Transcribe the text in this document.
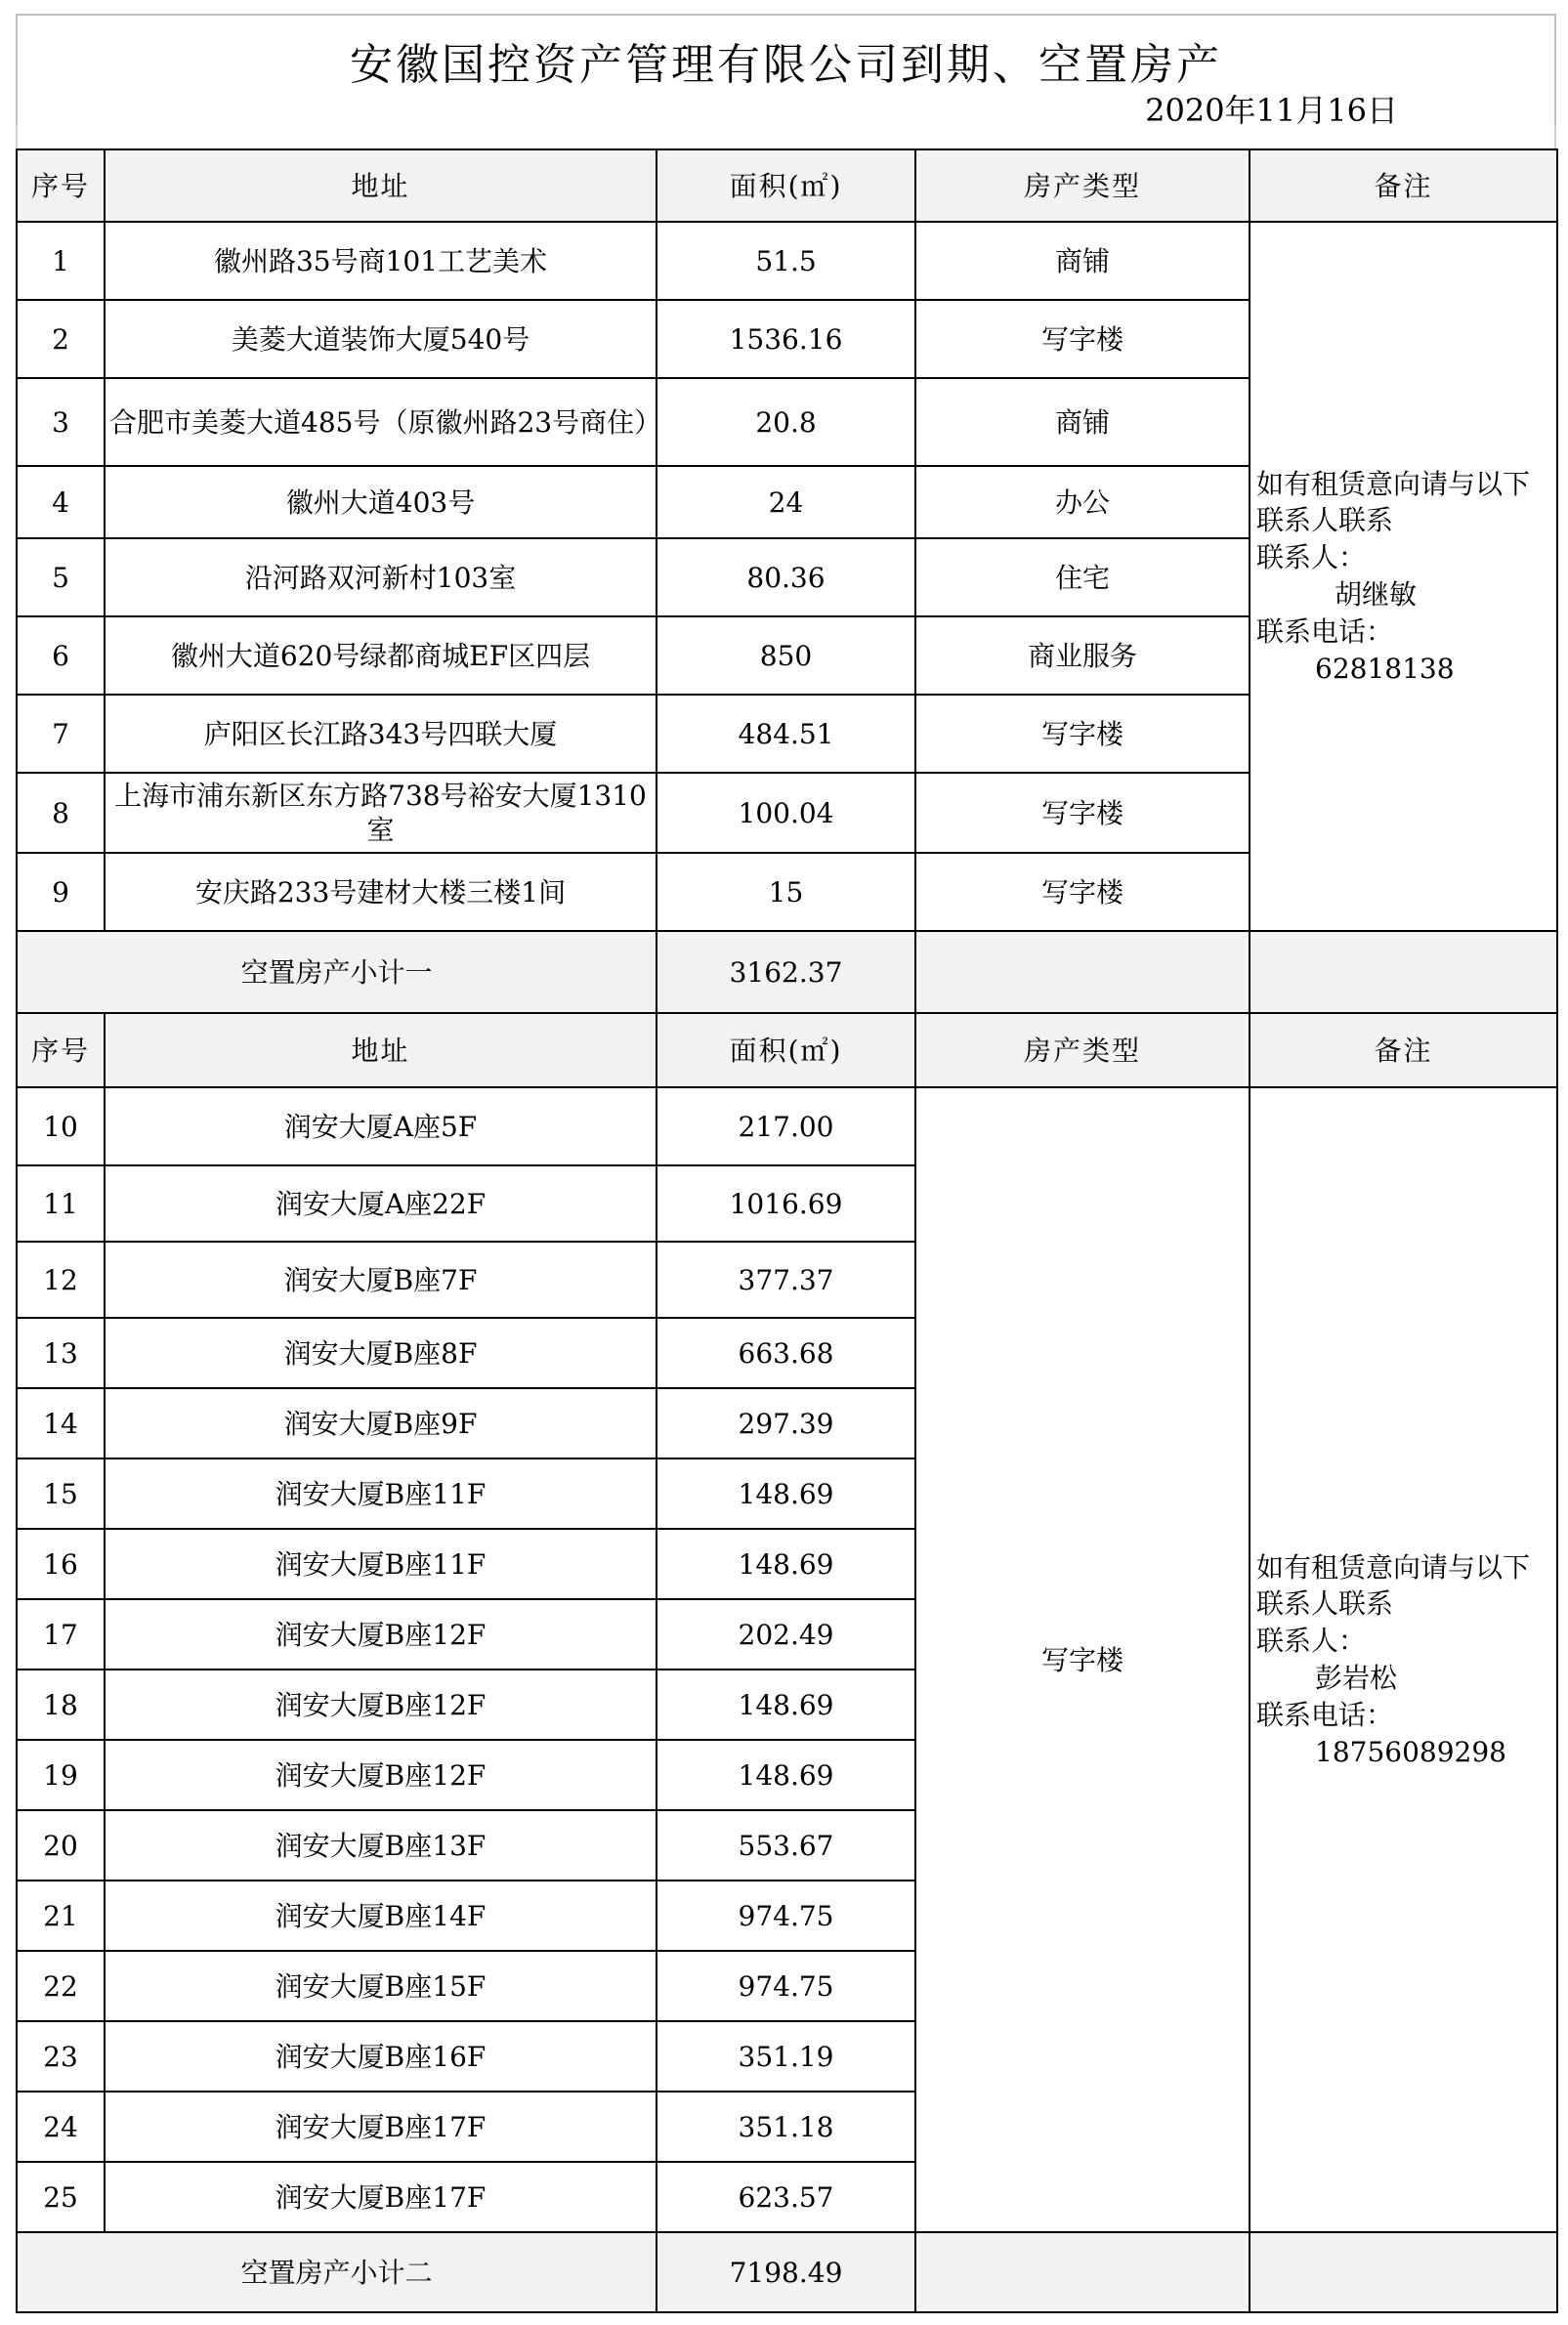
安徽国控资产管理有限公司到期、空置房产
2020年11月16日
序号	地址	面积(㎡)	房产类型	备注
1	徽州路35号商101工艺美术	51.5	商铺	如有租赁意向请与以下联系人联系
联系人：
胡继敏
联系电话：
62818138

2	美菱大道装饰大厦540号	1536.16	写字楼	
3	合肥市美菱大道485号（原徽州路23号商住）	20.8	商铺	
4	徽州大道403号	24	办公	
5	沿河路双河新村103室	80.36	住宅	
6	徽州大道620号绿都商城EF区四层	850	商业服务	
7	庐阳区长江路343号四联大厦	484.51	写字楼	
8	上海市浦东新区东方路738号裕安大厦1310室	100.04	写字楼	
9	安庆路233号建材大楼三楼1间	15	写字楼	
空置房产小计一		3162.37		
序号	地址	面积(㎡)	房产类型	备注
10	润安大厦A座5F	217.00	写字楼	如有租赁意向请与以下联系人联系
联系人：
彭岩松
联系电话：
18756089298

11	润安大厦A座22F	1016.69		
12	润安大厦B座7F	377.37		
13	润安大厦B座8F	663.68		
14	润安大厦B座9F	297.39		
15	润安大厦B座11F	148.69		
16	润安大厦B座11F	148.69		
17	润安大厦B座12F	202.49		
18	润安大厦B座12F	148.69		
19	润安大厦B座12F	148.69		
20	润安大厦B座13F	553.67		
21	润安大厦B座14F	974.75		
22	润安大厦B座15F	974.75		
23	润安大厦B座16F	351.19		
24	润安大厦B座17F	351.18		
25	润安大厦B座17F	623.57		
空置房产小计二		7198.49		
